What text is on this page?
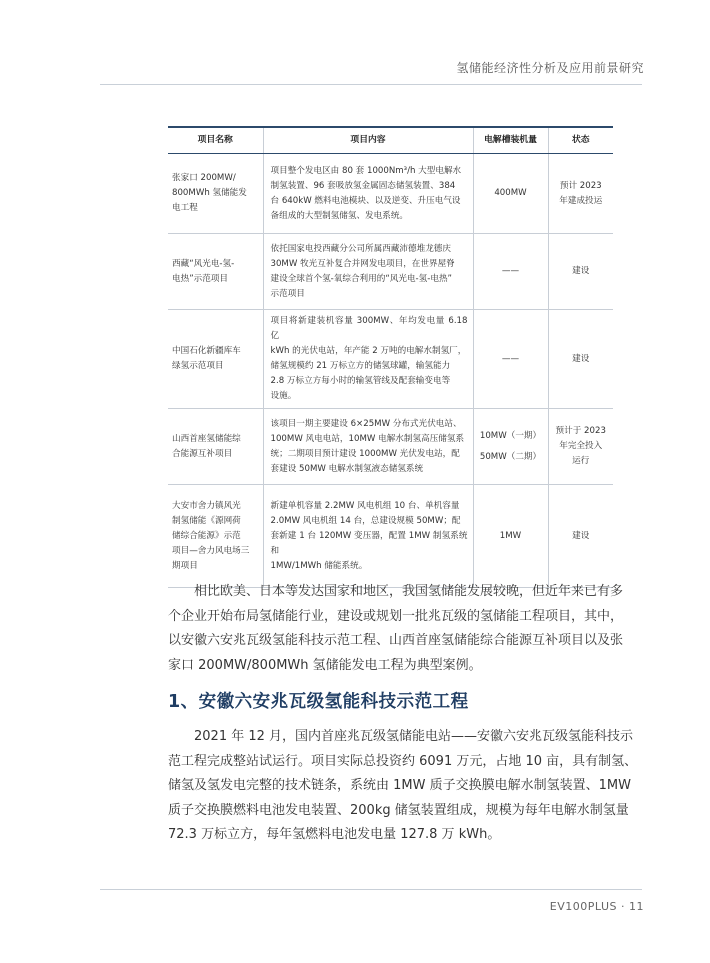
氢储能经济性分析及应用前景研究
项目名称	项目内容	电解槽装机量	状态

张家口 200MW/
800MWh 氢储能发
电工程	项目整个发电区由 80 套 1000Nm³/h 大型电解水
制氢装置、96 套吸放氢金属固态储氢装置、384
台 640kW 燃料电池模块、以及逆变、升压电气设
备组成的大型制氢储氢、发电系统。	400MW	预计 2023
年建成投运

西藏“风光电-氢-
电热”示范项目	依托国家电投西藏分公司所属西藏沛德堆龙德庆
30MW 牧光互补复合并网发电项目，在世界屋脊
建设全球首个氢-氧综合利用的“风光电-氢-电热”
示范项目	——	建设

中国石化新疆库车
绿氢示范项目	项目将新建装机容量 300MW、年均发电量 6.18 亿
kWh 的光伏电站，年产能 2 万吨的电解水制氢厂，
储氢规模约 21 万标立方的储氢球罐，输氢能力
2.8 万标立方每小时的输氢管线及配套输变电等
设施。	——	建设

山西首座氢储能综
合能源互补项目	该项目一期主要建设 6×25MW 分布式光伏电站、
100MW 风电电站，10MW 电解水制氢高压储氢系
统；二期项目预计建设 1000MW 光伏发电站，配
套建设 50MW 电解水制氢液态储氢系统	10MW（一期）
50MW（二期）	预计于 2023
年完全投入
运行

大安市舍力镇风光
制氢储能《源网荷
储综合能源》示范
项目—舍力风电场三
期项目	新建单机容量 2.2MW 风电机组 10 台、单机容量
2.0MW 风电机组 14 台，总建设规模 50MW；配
套新建 1 台 120MW 变压器，配置 1MW 制氢系统和
1MW/1MWh 储能系统。	1MW	建设
相比欧美、日本等发达国家和地区，我国氢储能发展较晚，但近年来已有多
个企业开始布局氢储能行业，建设或规划一批兆瓦级的氢储能工程项目，其中，
以安徽六安兆瓦级氢能科技示范工程、山西首座氢储能综合能源互补项目以及张
家口 200MW/800MWh 氢储能发电工程为典型案例。
1、安徽六安兆瓦级氢能科技示范工程
2021 年 12 月，国内首座兆瓦级氢储能电站——安徽六安兆瓦级氢能科技示
范工程完成整站试运行。项目实际总投资约 6091 万元，占地 10 亩，具有制氢、
储氢及氢发电完整的技术链条，系统由 1MW 质子交换膜电解水制氢装置、1MW
质子交换膜燃料电池发电装置、200kg 储氢装置组成，规模为每年电解水制氢量
72.3 万标立方，每年氢燃料电池发电量 127.8 万 kWh。
EV100PLUS · 11
